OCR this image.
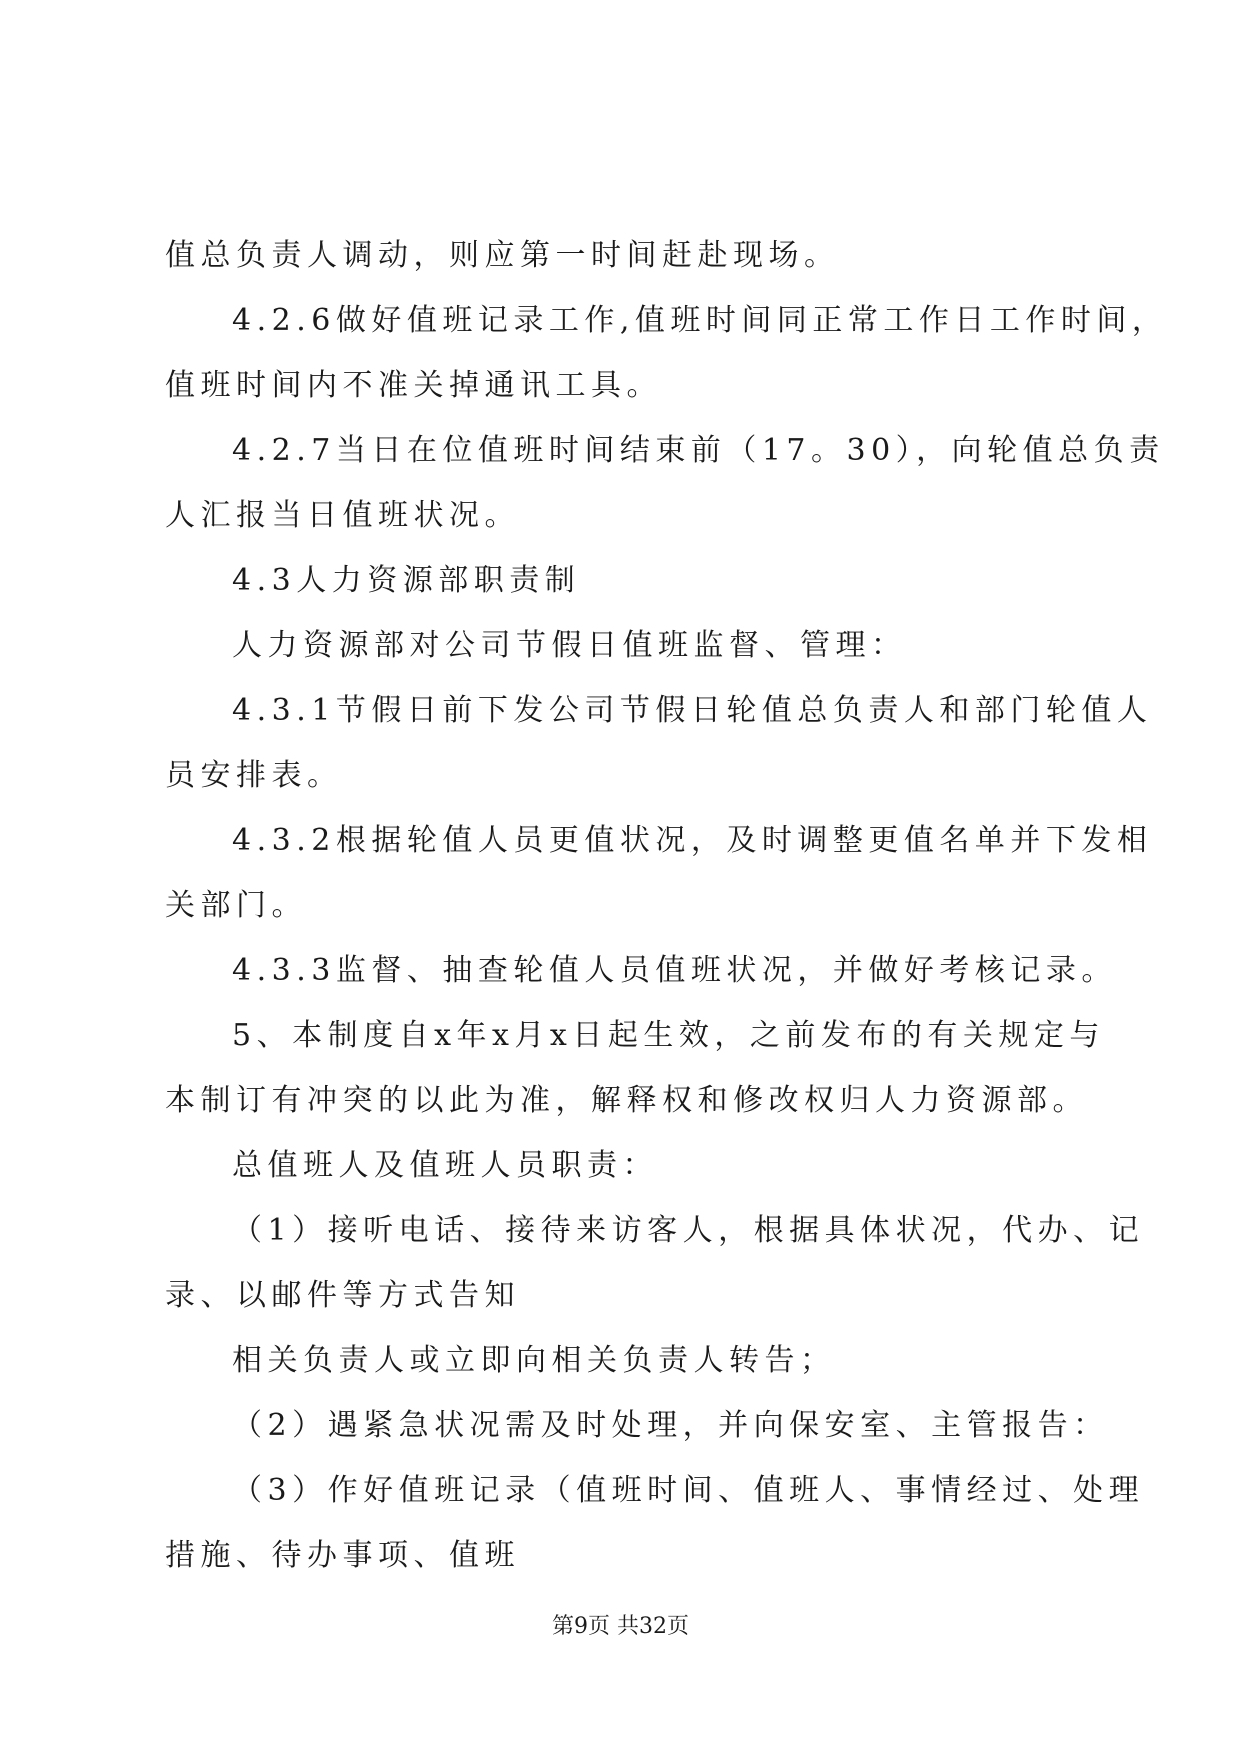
值总负责人调动，则应第一时间赶赴现场。
4.2.6做好值班记录工作,值班时间同正常工作日工作时间，
值班时间内不准关掉通讯工具。
4.2.7当日在位值班时间结束前（17。30），向轮值总负责
人汇报当日值班状况。
4.3人力资源部职责制
人力资源部对公司节假日值班监督、管理：
4.3.1节假日前下发公司节假日轮值总负责人和部门轮值人
员安排表。
4.3.2根据轮值人员更值状况，及时调整更值名单并下发相
关部门。
4.3.3监督、抽查轮值人员值班状况，并做好考核记录。
5、本制度自x年x月x日起生效，之前发布的有关规定与
本制订有冲突的以此为准，解释权和修改权归人力资源部。
总值班人及值班人员职责：
（1）接听电话、接待来访客人，根据具体状况，代办、记
录、以邮件等方式告知
相关负责人或立即向相关负责人转告；
（2）遇紧急状况需及时处理，并向保安室、主管报告：
（3）作好值班记录（值班时间、值班人、事情经过、处理
措施、待办事项、值班
第9页 共32页
